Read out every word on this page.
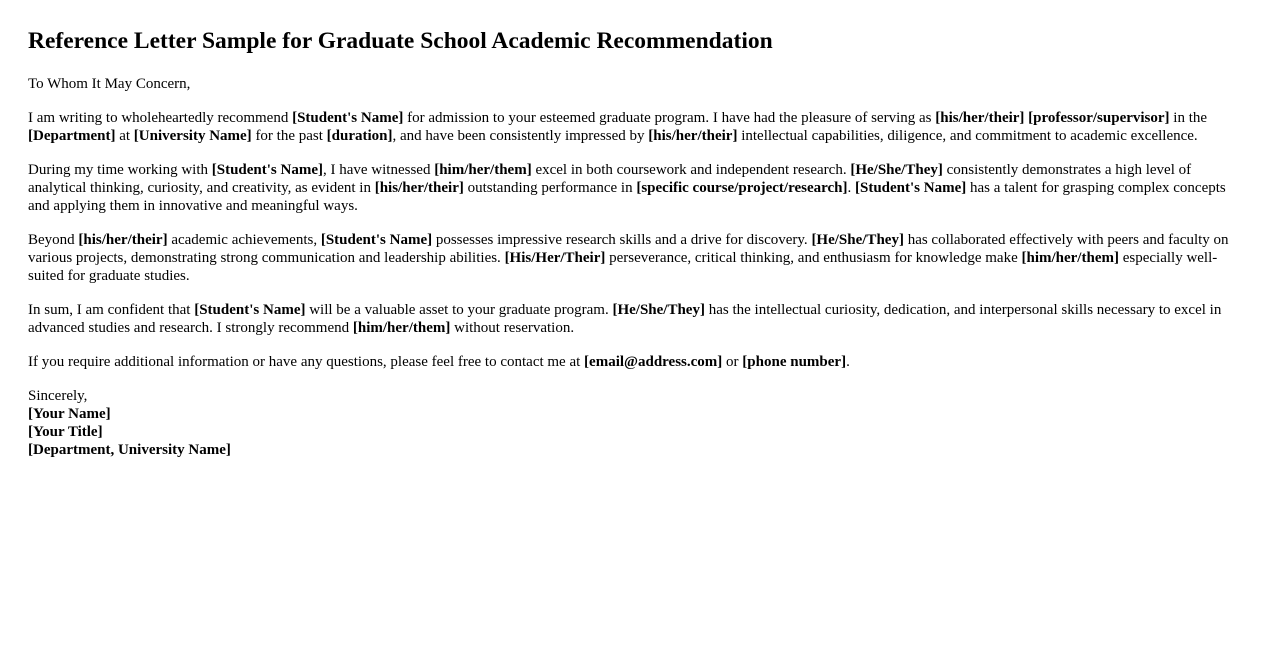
Reference Letter Sample for Graduate School Academic Recommendation

To Whom It May Concern,

I am writing to wholeheartedly recommend [Student's Name] for admission to your esteemed graduate program. I have had the pleasure of serving as [his/her/their] [professor/supervisor] in the [Department] at [University Name] for the past [duration], and have been consistently impressed by [his/her/their] intellectual capabilities, diligence, and commitment to academic excellence.

During my time working with [Student's Name], I have witnessed [him/her/them] excel in both coursework and independent research. [He/She/They] consistently demonstrates a high level of analytical thinking, curiosity, and creativity, as evident in [his/her/their] outstanding performance in [specific course/project/research]. [Student's Name] has a talent for grasping complex concepts and applying them in innovative and meaningful ways.

Beyond [his/her/their] academic achievements, [Student's Name] possesses impressive research skills and a drive for discovery. [He/She/They] has collaborated effectively with peers and faculty on various projects, demonstrating strong communication and leadership abilities. [His/Her/Their] perseverance, critical thinking, and enthusiasm for knowledge make [him/her/them] especially well-suited for graduate studies.

In sum, I am confident that [Student's Name] will be a valuable asset to your graduate program. [He/She/They] has the intellectual curiosity, dedication, and interpersonal skills necessary to excel in advanced studies and research. I strongly recommend [him/her/them] without reservation.

If you require additional information or have any questions, please feel free to contact me at [email@address.com] or [phone number].

Sincerely,
[Your Name]
[Your Title]
[Department, University Name]
